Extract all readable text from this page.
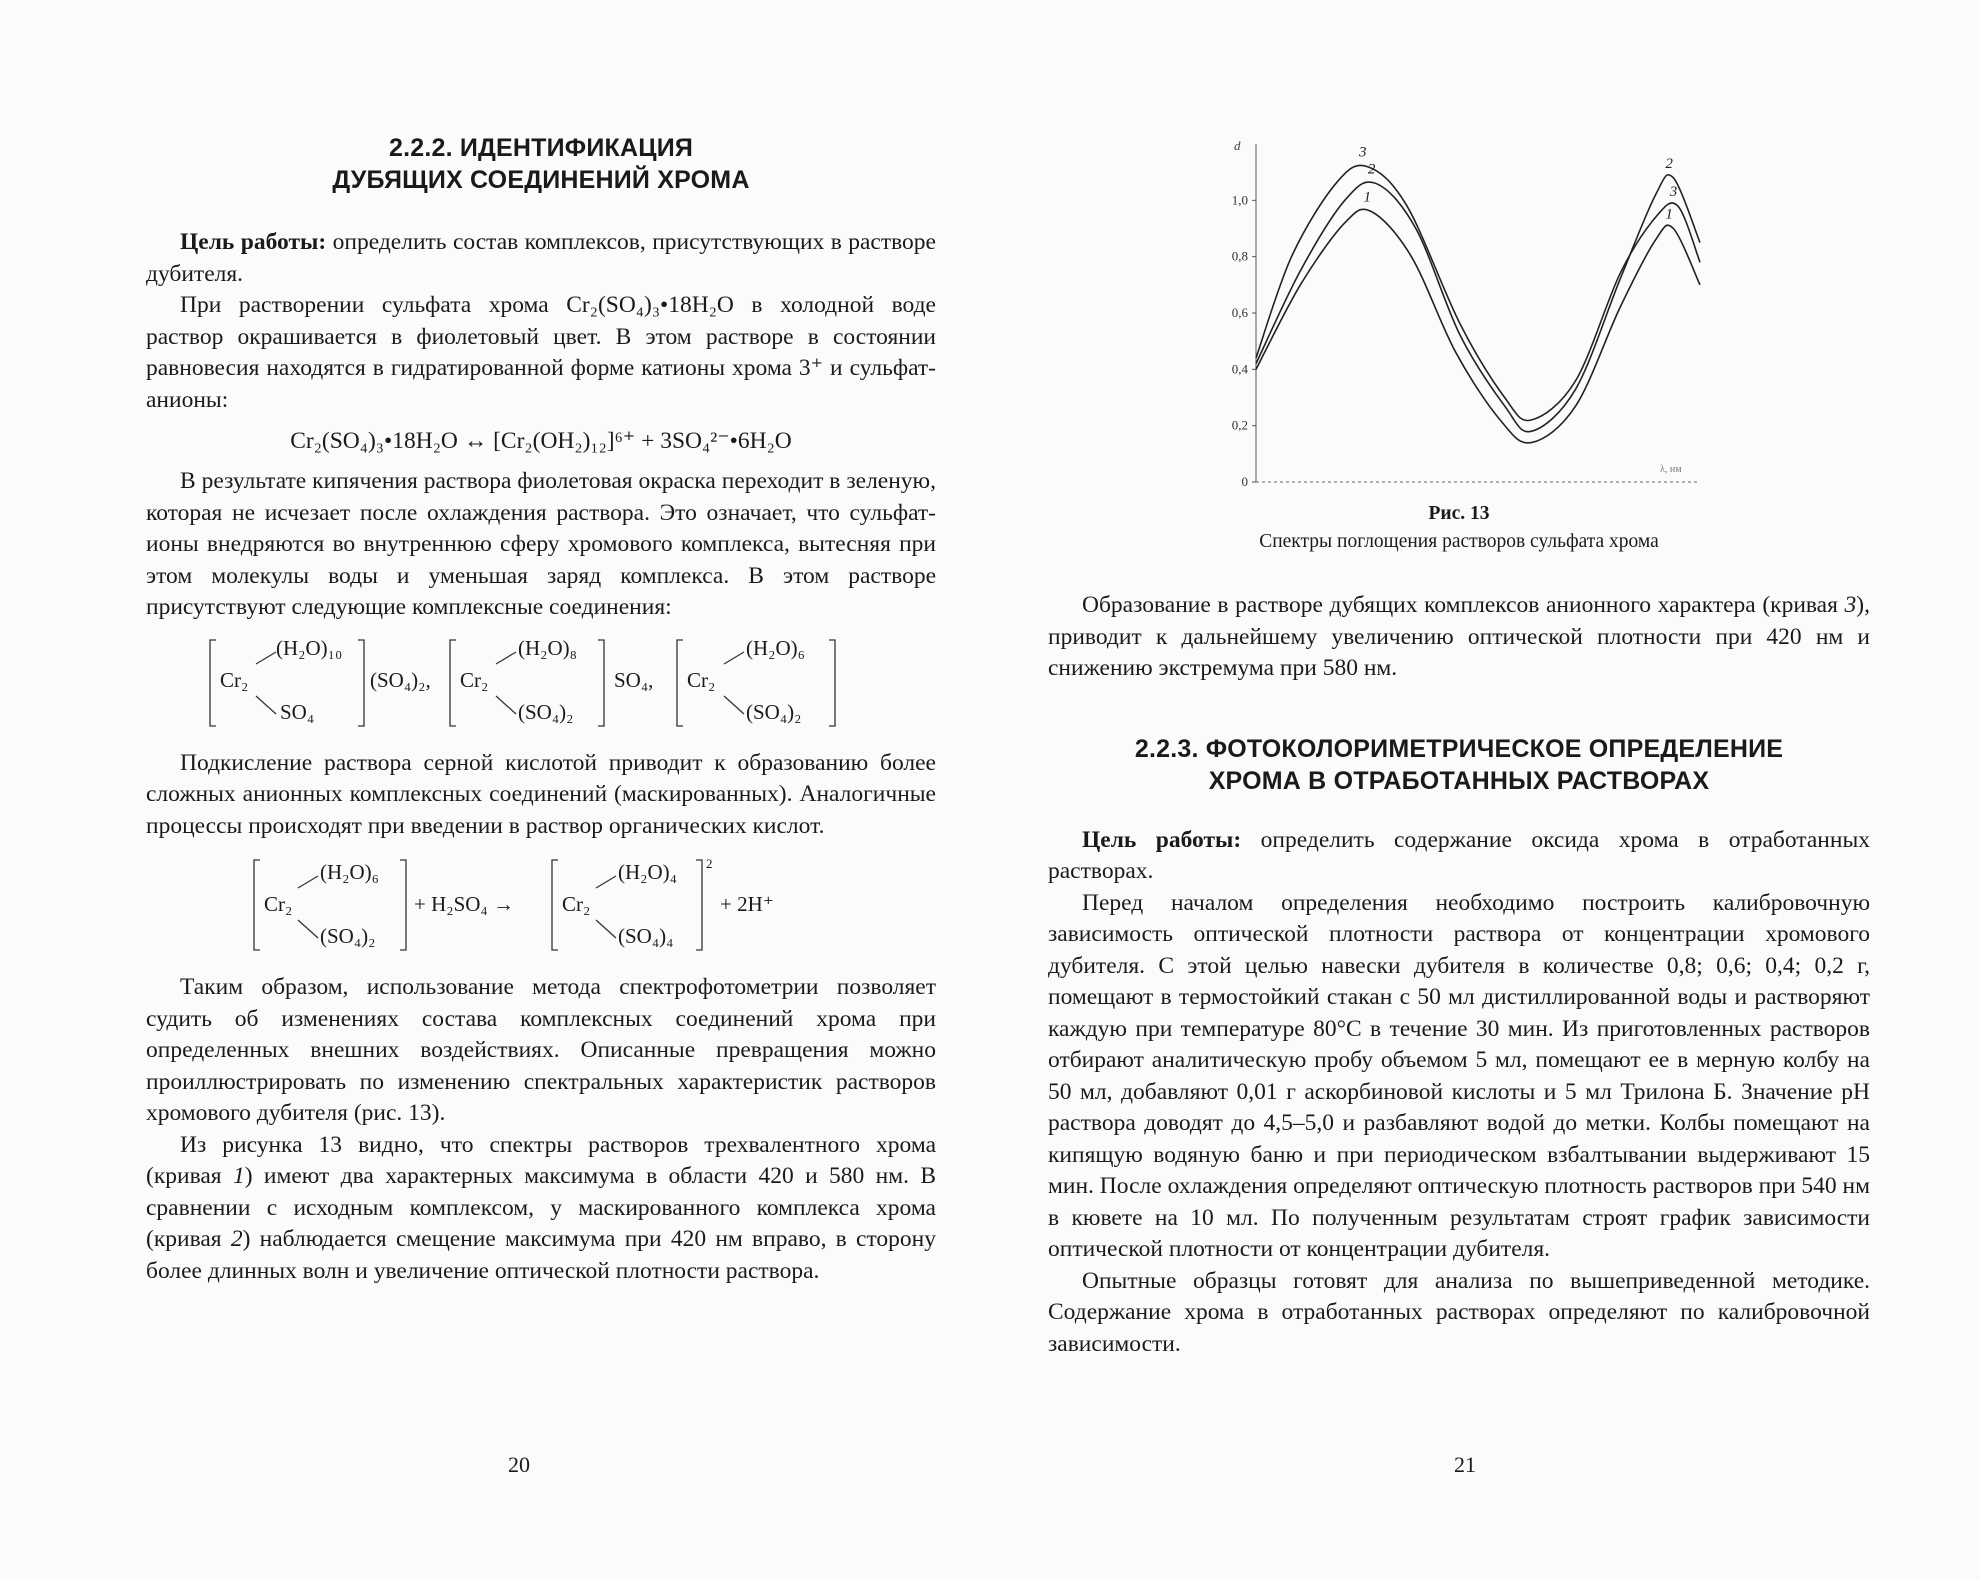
2.2.2. ИДЕНТИФИКАЦИЯ
ДУБЯЩИХ СОЕДИНЕНИЙ ХРОМА

Цель работы: определить состав комплексов, присутствующих в растворе дубителя.

При растворении сульфата хрома Cr₂(SO₄)₃•18H₂O в холодной воде раствор окрашивается в фиолетовый цвет. В этом растворе в состоянии равновесия находятся в гидратированной форме катионы хрома 3⁺ и сульфат-анионы:

Cr₂(SO₄)₃•18H₂O ↔ [Cr₂(OH₂)₁₂]⁶⁺ + 3SO₄²⁻•6H₂O

В результате кипячения раствора фиолетовая окраска переходит в зеленую, которая не исчезает после охлаждения раствора. Это означает, что сульфат-ионы внедряются во внутреннюю сферу хромового комплекса, вытесняя при этом молекулы воды и уменьшая заряд комплекса. В этом растворе присутствуют следующие комплексные соединения:

Cr₂
(H₂O)₁₀
SO₄
(SO₄)₂, Cr₂
(H₂O)₈
(SO₄)₂
SO₄, Cr₂
(H₂O)₆
(SO₄)₂

Подкисление раствора серной кислотой приводит к образованию более сложных анионных комплексных соединений (маскированных). Аналогичные процессы происходят при введении в раствор органических кислот.

Cr₂
(H₂O)₆
(SO₄)₂
+ H₂SO₄ → Cr₂
(H₂O)₄
(SO₄)₄
2
+ 2H⁺

Таким образом, использование метода спектрофотометрии позволяет судить об изменениях состава комплексных соединений хрома при определенных внешних воздействиях. Описанные превращения можно проиллюстрировать по изменению спектральных характеристик растворов хромового дубителя (рис. 13).

Из рисунка 13 видно, что спектры растворов трехвалентного хрома (кривая 1) имеют два характерных максимума в области 420 и 580 нм. В сравнении с исходным комплексом, у маскированного комплекса хрома (кривая 2) наблюдается смещение максимума при 420 нм вправо, в сторону более длинных волн и увеличение оптической плотности раствора.

20
0
0,2
0,4
0,6
0,8
1,0	1
1
2	2
3
3
d
λ, нм
Рис. 13
Спектры поглощения растворов сульфата хрома

Образование в растворе дубящих комплексов анионного характера (кривая 3), приводит к дальнейшему увеличению оптической плотности при 420 нм и снижению экстремума при 580 нм.

2.2.3. ФОТОКОЛОРИМЕТРИЧЕСКОЕ ОПРЕДЕЛЕНИЕ
ХРОМА В ОТРАБОТАННЫХ РАСТВОРАХ

Цель работы: определить содержание оксида хрома в отработанных растворах.

Перед началом определения необходимо построить калибровочную зависимость оптической плотности раствора от концентрации хромового дубителя. С этой целью навески дубителя в количестве 0,8; 0,6; 0,4; 0,2 г, помещают в термостойкий стакан с 50 мл дистиллированной воды и растворяют каждую при температуре 80°С в течение 30 мин. Из приготовленных растворов отбирают аналитическую пробу объемом 5 мл, помещают ее в мерную колбу на 50 мл, добавляют 0,01 г аскорбиновой кислоты и 5 мл Трилона Б. Значение рН раствора доводят до 4,5–5,0 и разбавляют водой до метки. Колбы помещают на кипящую водяную баню и при периодическом взбалтывании выдерживают 15 мин. После охлаждения определяют оптическую плотность растворов при 540 нм в кювете на 10 мл. По полученным результатам строят график зависимости оптической плотности от концентрации дубителя.

Опытные образцы готовят для анализа по вышеприведенной методике. Содержание хрома в отработанных растворах определяют по калибровочной зависимости.

21
